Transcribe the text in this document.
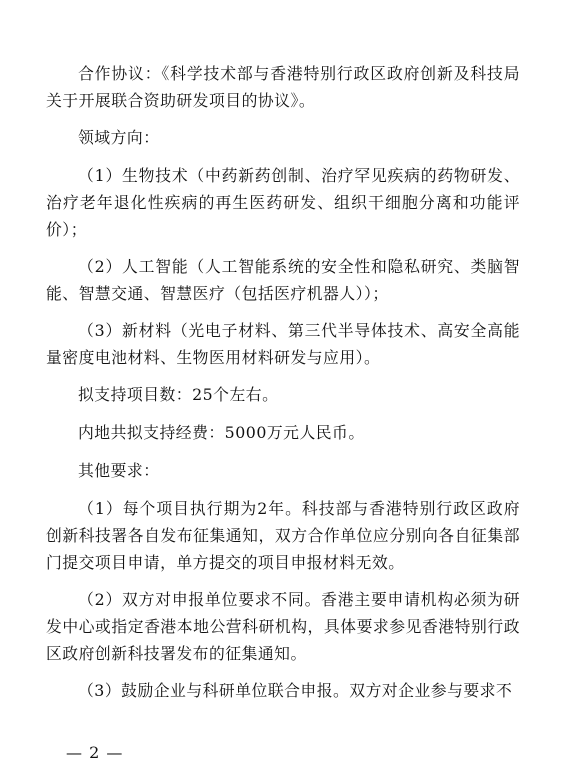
合作协议：《科学技术部与香港特别行政区政府创新及科技局关于开展联合资助研发项目的协议》。

领域方向：

（1）生物技术（中药新药创制、治疗罕见疾病的药物研发、治疗老年退化性疾病的再生医药研发、组织干细胞分离和功能评价）；

（2）人工智能（人工智能系统的安全性和隐私研究、类脑智能、智慧交通、智慧医疗（包括医疗机器人））；

（3）新材料（光电子材料、第三代半导体技术、高安全高能量密度电池材料、生物医用材料研发与应用）。

拟支持项目数：25个左右。

内地共拟支持经费：5000万元人民币。

其他要求：

（1）每个项目执行期为2年。科技部与香港特别行政区政府创新科技署各自发布征集通知，双方合作单位应分别向各自征集部门提交项目申请，单方提交的项目申报材料无效。

（2）双方对申报单位要求不同。香港主要申请机构必须为研发中心或指定香港本地公营科研机构，具体要求参见香港特别行政区政府创新科技署发布的征集通知。

（3）鼓励企业与科研单位联合申报。双方对企业参与要求不

— 2 —
